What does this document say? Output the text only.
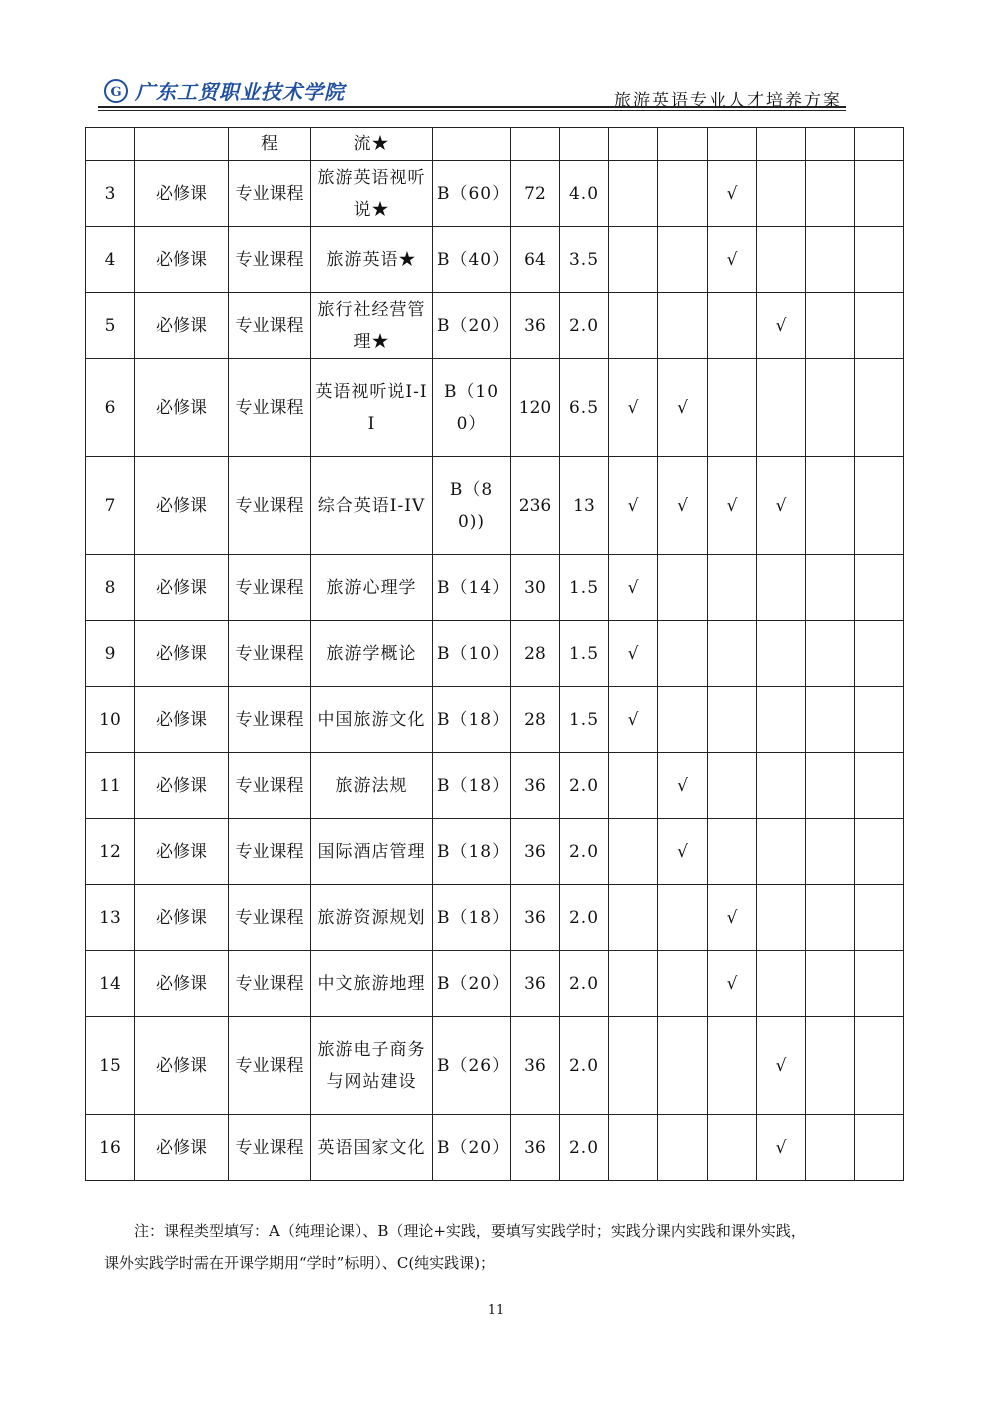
G 广东工贸职业技术学院	旅游英语专业人才培养方案
		程	流★									
3	必修课	专业课程	旅游英语视听说★	B（60）	72	4.0			√			
4	必修课	专业课程	旅游英语★	B（40）	64	3.5			√			
5	必修课	专业课程	旅行社经营管理★	B（20）	36	2.0				√		
6	必修课	专业课程	英语视听说I-II	B（100）	120	6.5	√	√				
7	必修课	专业课程	综合英语I-IV	B（80))	236	13	√	√	√	√		
8	必修课	专业课程	旅游心理学	B（14）	30	1.5	√					
9	必修课	专业课程	旅游学概论	B（10）	28	1.5	√					
10	必修课	专业课程	中国旅游文化	B（18）	28	1.5	√					
11	必修课	专业课程	旅游法规	B（18）	36	2.0		√				
12	必修课	专业课程	国际酒店管理	B（18）	36	2.0		√				
13	必修课	专业课程	旅游资源规划	B（18）	36	2.0			√			
14	必修课	专业课程	中文旅游地理	B（20）	36	2.0			√			
15	必修课	专业课程	旅游电子商务与网站建设	B（26）	36	2.0				√		
16	必修课	专业课程	英语国家文化	B（20）	36	2.0				√		

注：课程类型填写：A（纯理论课）、B（理论+实践，要填写实践学时；实践分课内实践和课外实践，

课外实践学时需在开课学期用“学时”标明）、C(纯实践课)；

11
